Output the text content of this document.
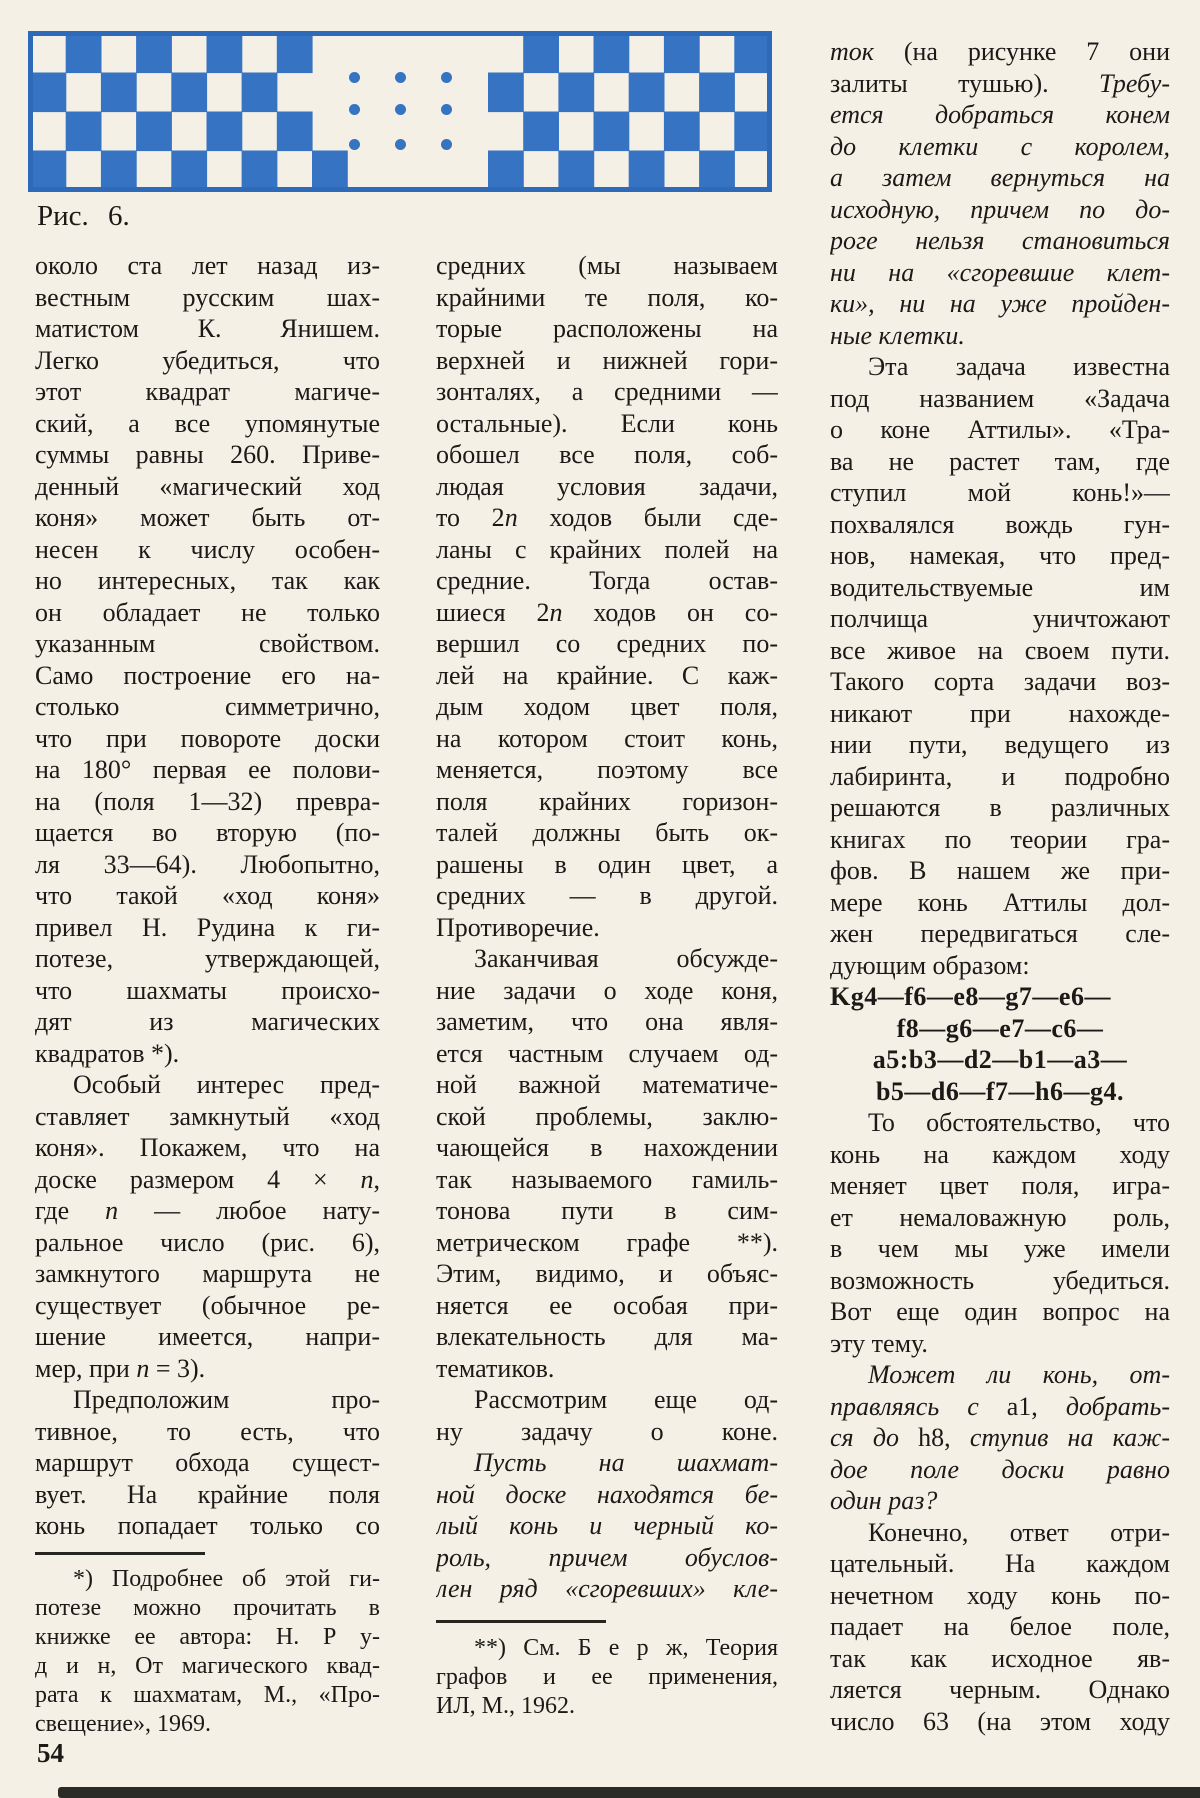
Рис. 6.
около ста лет назад из-
вестным русским шах-
матистом К. Янишем.
Легко убедиться, что
этот квадрат магиче-
ский, а все упомянутые
суммы равны 260. Приве-
денный «магический ход
коня» может быть от-
несен к числу особен-
но интересных, так как
он обладает не только
указанным свойством.
Само построение его на-
столько симметрично,
что при повороте доски
на 180° первая ее полови-
на (поля 1—32) превра-
щается во вторую (по-
ля 33—64). Любопытно,
что такой «ход коня»
привел Н. Рудина к ги-
потезе, утверждающей,
что шахматы происхо-
дят из магических
квадратов *).
Особый интерес пред-
ставляет замкнутый «ход
коня». Покажем, что на
доске размером 4 × n,
где n — любое нату-
ральное число (рис. 6),
замкнутого маршрута не
существует (обычное ре-
шение имеется, напри-
мер, при n = 3).
Предположим про-
тивное, то есть, что
маршрут обхода сущест-
вует. На крайние поля
конь попадает только со
средних (мы называем
крайними те поля, ко-
торые расположены на
верхней и нижней гори-
зонталях, а средними —
остальные). Если конь
обошел все поля, соб-
людая условия задачи,
то 2n ходов были сде-
ланы с крайних полей на
средние. Тогда остав-
шиеся 2n ходов он со-
вершил со средних по-
лей на крайние. С каж-
дым ходом цвет поля,
на котором стоит конь,
меняется, поэтому все
поля крайних горизон-
талей должны быть ок-
рашены в один цвет, а
средних — в другой.
Противоречие.
Заканчивая обсужде-
ние задачи о ходе коня,
заметим, что она явля-
ется частным случаем од-
ной важной математиче-
ской проблемы, заклю-
чающейся в нахождении
так называемого гамиль-
тонова пути в сим-
метрическом графе **).
Этим, видимо, и объяс-
няется ее особая при-
влекательность для ма-
тематиков.
Рассмотрим еще од-
ну задачу о коне.
Пусть на шахмат-
ной доске находятся бе-
лый конь и черный ко-
роль, причем обуслов-
лен ряд «сгоревших» кле-
ток (на рисунке 7 они
залиты тушью). Требу-
ется добраться конем
до клетки с королем,
а затем вернуться на
исходную, причем по до-
роге нельзя становиться
ни на «сгоревшие клет-
ки», ни на уже пройден-
ные клетки.
Эта задача известна
под названием «Задача
о коне Аттилы». «Тра-
ва не растет там, где
ступил мой конь!»—
похвалялся вождь гун-
нов, намекая, что пред-
водительствуемые им
полчища уничтожают
все живое на своем пути.
Такого сорта задачи воз-
никают при нахожде-
нии пути, ведущего из
лабиринта, и подробно
решаются в различных
книгах по теории гра-
фов. В нашем же при-
мере конь Аттилы дол-
жен передвигаться сле-
дующим образом:
Kg4—f6—e8—g7—e6—
f8—g6—e7—c6—
a5:b3—d2—b1—a3—
b5—d6—f7—h6—g4.
То обстоятельство, что
конь на каждом ходу
меняет цвет поля, игра-
ет немаловажную роль,
в чем мы уже имели
возможность убедиться.
Вот еще один вопрос на
эту тему.
Может ли конь, от-
правляясь с a1, добрать-
ся до h8, ступив на каж-
дое поле доски равно
один раз?
Конечно, ответ отри-
цательный. На каждом
нечетном ходу конь по-
падает на белое поле,
так как исходное яв-
ляется черным. Однако
число 63 (на этом ходу
*) Подробнее об этой ги-
потезе можно прочитать в
книжке ее автора: Н. Р у-
д и н, От магического квад-
рата к шахматам, М., «Про-
свещение», 1969.
**) См. Б е р ж, Теория
графов и ее применения,
ИЛ, М., 1962.
54
